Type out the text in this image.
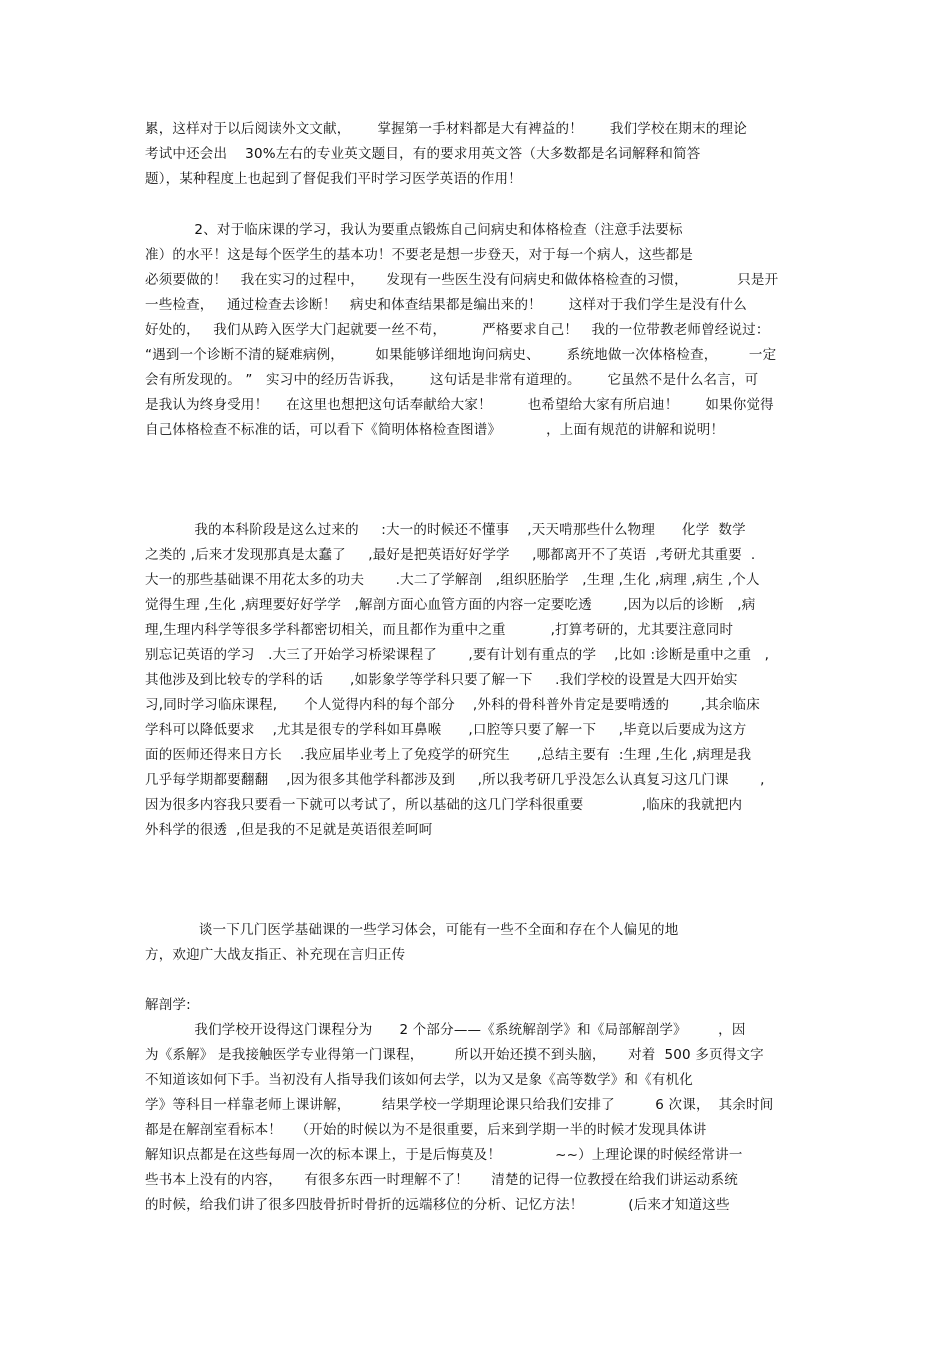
累，这样对于以后阅读外文文献，      掌握第一手材料都是大有裨益的！      我们学校在期末的理论

考试中还会出    30%左右的专业英文题目，有的要求用英文答（大多数都是名词解释和简答

题），某种程度上也起到了督促我们平时学习医学英语的作用！

2、对于临床课的学习，我认为要重点锻炼自己问病史和体格检查（注意手法要标

准）的水平！这是每个医学生的基本功！不要老是想一步登天，对于每一个病人，这些都是

必须要做的！   我在实习的过程中，     发现有一些医生没有问病史和做体格检查的习惯，           只是开

一些检查，   通过检查去诊断！   病史和体查结果都是编出来的！      这样对于我们学生是没有什么

好处的，   我们从跨入医学大门起就要一丝不苟，        严格要求自己！   我的一位带教老师曾经说过：

“遇到一个诊断不清的疑难病例，       如果能够详细地询问病史、      系统地做一次体格检查，       一定

会有所发现的。 ”   实习中的经历告诉我，      这句话是非常有道理的。      它虽然不是什么名言，可

是我认为终身受用！    在这里也想把这句话奉献给大家！        也希望给大家有所启迪！      如果你觉得

自己体格检查不标准的话，可以看下《简明体格检查图谱》          ，上面有规范的讲解和说明！

我的本科阶段是这么过来的     :大一的时候还不懂事    ,天天啃那些什么物理      化学  数学

之类的 ,后来才发现那真是太蠢了     ,最好是把英语好好学学     ,哪都离开不了英语  ,考研尤其重要  .

大一的那些基础课不用花太多的功夫       .大二了学解剖   ,组织胚胎学   ,生理 ,生化 ,病理 ,病生 ,个人

觉得生理 ,生化 ,病理要好好学学   ,解剖方面心血管方面的内容一定要吃透       ,因为以后的诊断   ,病

理,生理内科学等很多学科都密切相关，而且都作为重中之重          ,打算考研的，尤其要注意同时

别忘记英语的学习   .大三了开始学习桥梁课程了       ,要有计划有重点的学    ,比如 :诊断是重中之重   ,

其他涉及到比较专的学科的话      ,如影象学等学科只要了解一下     .我们学校的设置是大四开始实

习,同时学习临床课程,      个人觉得内科的每个部分    ,外科的骨科普外肯定是要啃透的       ,其余临床

学科可以降低要求    ,尤其是很专的学科如耳鼻喉      ,口腔等只要了解一下     ,毕竟以后要成为这方

面的医师还得来日方长    .我应届毕业考上了免疫学的研究生      ,总结主要有  :生理 ,生化 ,病理是我

几乎每学期都要翻翻    ,因为很多其他学科都涉及到     ,所以我考研几乎没怎么认真复习这几门课       ,

因为很多内容我只要看一下就可以考试了，所以基础的这几门学科很重要             ,临床的我就把内

外科学的很透  ,但是我的不足就是英语很差呵呵

谈一下几门医学基础课的一些学习体会，可能有一些不全面和存在个人偏见的地

方，欢迎广大战友指正、补充现在言归正传

解剖学:

我们学校开设得这门课程分为      2 个部分——《系统解剖学》和《局部解剖学》       ，因

为《系解》 是我接触医学专业得第一门课程，       所以开始还摸不到头脑，     对着  500 多页得文字

不知道该如何下手。当初没有人指导我们该如何去学，以为又是象《高等数学》和《有机化

学》等科目一样靠老师上课讲解，       结果学校一学期理论课只给我们安排了         6 次课，  其余时间

都是在解剖室看标本！   （开始的时候以为不是很重要，后来到学期一半的时候才发现具体讲

解知识点都是在这些每周一次的标本课上，于是后悔莫及！            ~~）上理论课的时候经常讲一

些书本上没有的内容，     有很多东西一时理解不了！     清楚的记得一位教授在给我们讲运动系统

的时候，给我们讲了很多四肢骨折时骨折的远端移位的分析、记忆方法！          (后来才知道这些
